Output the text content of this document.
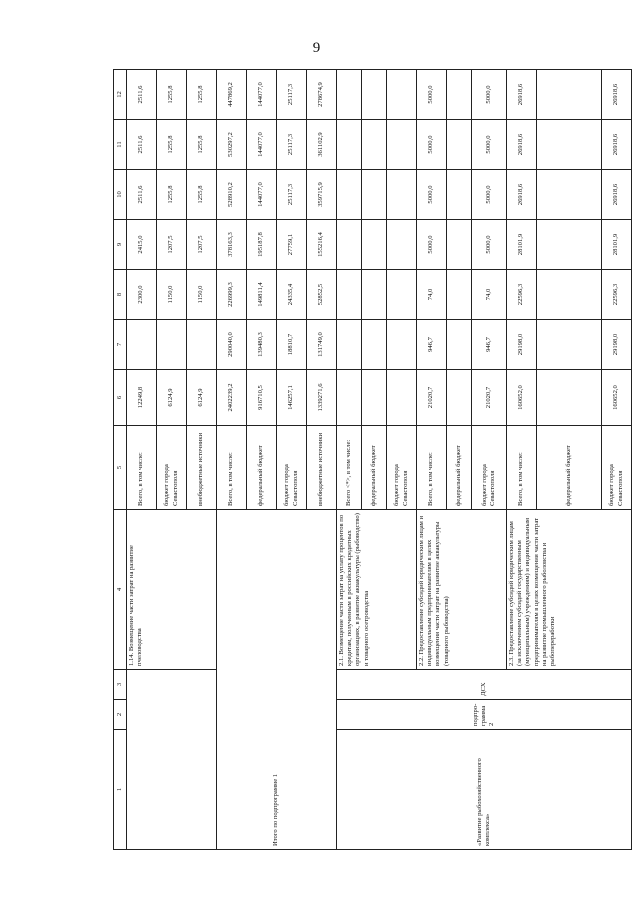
9
1	2	3	4	5	6	7	8	9	10	11	12
			1.14. Возмещение части затрат на развитие пчеловодства	Всего, в том числе:	12249,8		2300,0	2415,0	2511,6	2511,6	2511,6
				бюджет города Севастополя	6124,9		1150,0	1207,5	1255,8	1255,8	1255,8
				внебюджетные источники	6124,9		1150,0	1207,5	1255,8	1255,8	1255,8
Итого по подпрограмме 1				Всего, в том числе:	2402239,2	290040,0	226999,3	378163,3	528910,2	530297,2	447869,2
				федеральный бюджет	916710,5	139480,3	149811,4	195187,8	144077,0	144077,0	144077,0
				бюджет города Севастополя	146257,1	18810,7	24335,4	27759,1	25117,3	25117,3	25117,3
				внебюджетные источники	1339271,6	131749,0	52852,5	155216,4	359715,9	361102,9	278674,9
«Развитие рыбохозяйственного комплекса»	подпро-грамма 2	ДСХ	2.1. Возмещение части затрат на уплату процентов по кредитам, полученным в российских кредитных организациях, в развитие аквакультуры (рыбоводство) и товарного осетроводства	Всего <*>, в том числе:							
				федеральный бюджет							
				бюджет города Севастополя							
			2.2. Предоставление субсидий юридическим лицам и индивидуальным предпринимателям в целях возмещения части затрат на развитие аквакультуры (товарного рыбоводства)	Всего, в том числе:	21020,7	946,7	74,0	5000,0	5000,0	5000,0	5000,0
				федеральный бюджет							
				бюджет города Севастополя	21020,7	946,7	74,0	5000,0	5000,0	5000,0	5000,0
			2.3. Предоставление субсидий юридическим лицам (за исключением субсидий государственным (муниципальным) учреждениям) и индивидуальным предпринимателям в целях возмещения части затрат на развитие промышленного рыболовства и рыбопереработки	Всего, в том числе:	160652,0	29198,0	22596,3	28101,9	26918,6	26918,6	26918,6
				федеральный бюджет							
				бюджет города Севастополя	160652,0	29198,0	22596,3	28101,9	26918,6	26918,6	26918,6
